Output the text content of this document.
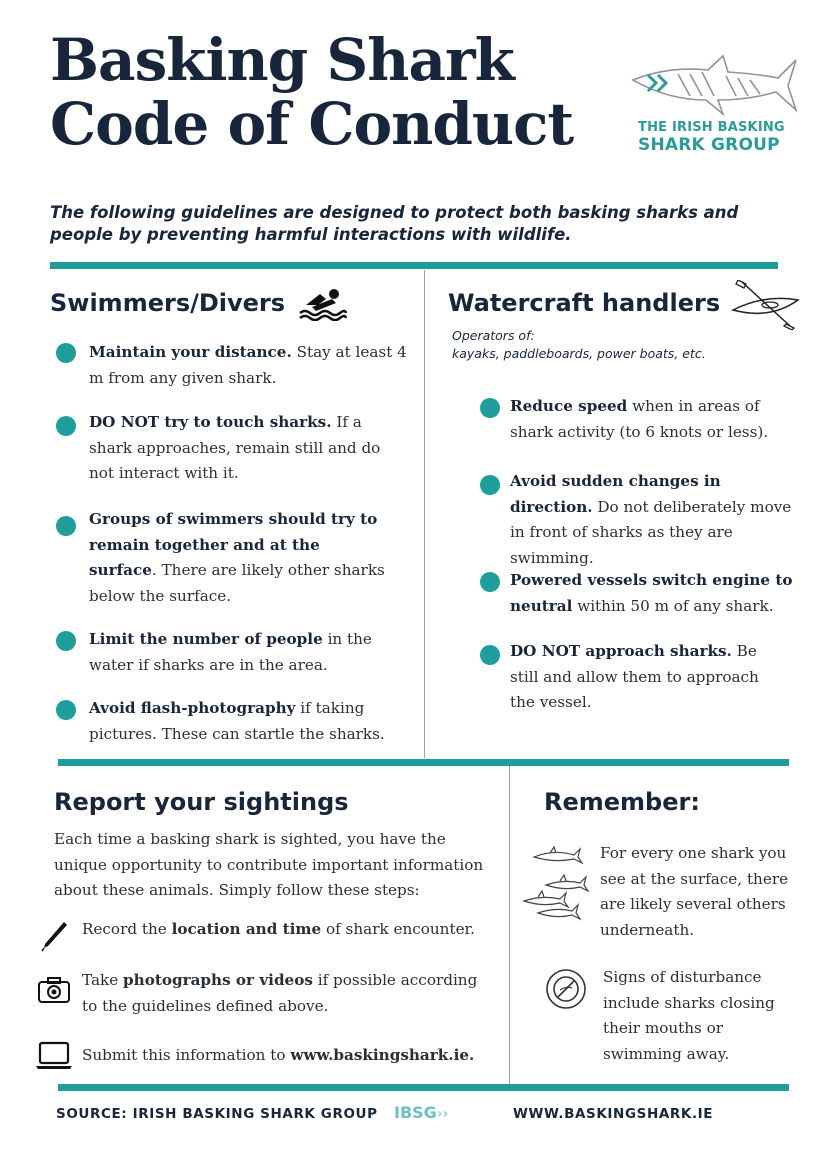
Basking Shark
Code of Conduct	THE IRISH BASKING
SHARK GROUP
The following guidelines are designed to protect both basking sharks and people by preventing harmful interactions with wildlife.
Swimmers/Divers
Maintain your distance. Stay at least 4 m from any given shark.
DO NOT try to touch sharks. If a shark approaches, remain still and do not interact with it.
Groups of swimmers should try to remain together and at the surface. There are likely other sharks below the surface.
Limit the number of people in the water if sharks are in the area.
Avoid flash-photography if taking pictures. These can startle the sharks.
Watercraft handlers
Operators of:
kayaks, paddleboards, power boats, etc.
Reduce speed when in areas of shark activity (to 6 knots or less).
Avoid sudden changes in direction. Do not deliberately move in front of sharks as they are swimming.
Powered vessels switch engine to neutral within 50 m of any shark.
DO NOT approach sharks. Be still and allow them to approach the vessel.
Report your sightings
Each time a basking shark is sighted, you have the unique opportunity to contribute important information about these animals. Simply follow these steps:
Record the location and time of shark encounter.
Take photographs or videos if possible according to the guidelines defined above.
Submit this information to www.baskingshark.ie.
Remember:
For every one shark you see at the surface, there are likely several others underneath.
Signs of disturbance include sharks closing their mouths or swimming away.
SOURCE: IRISH BASKING SHARK GROUP IBSG››	WWW.BASKINGSHARK.IE
